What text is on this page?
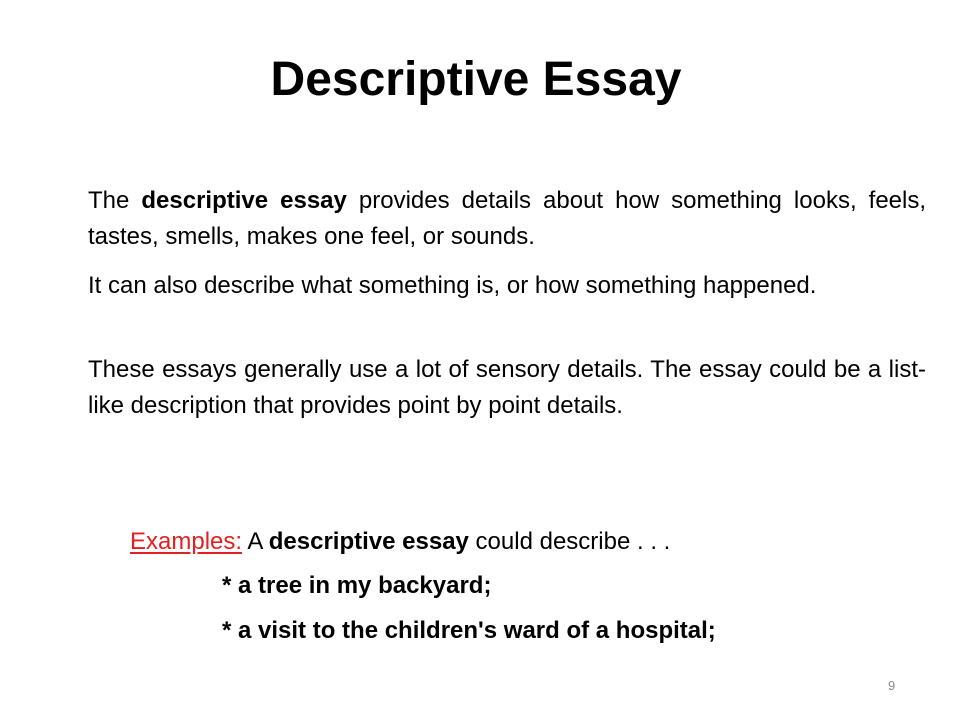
Descriptive Essay

The descriptive essay provides details about how something looks, feels, tastes, smells, makes one feel, or sounds.

It can also describe what something is, or how something happened.

These essays generally use a lot of sensory details. The essay could be a list-like description that provides point by point details.

Examples: A descriptive essay could describe . . .
* a tree in my backyard;
* a visit to the children's ward of a hospital;
9
